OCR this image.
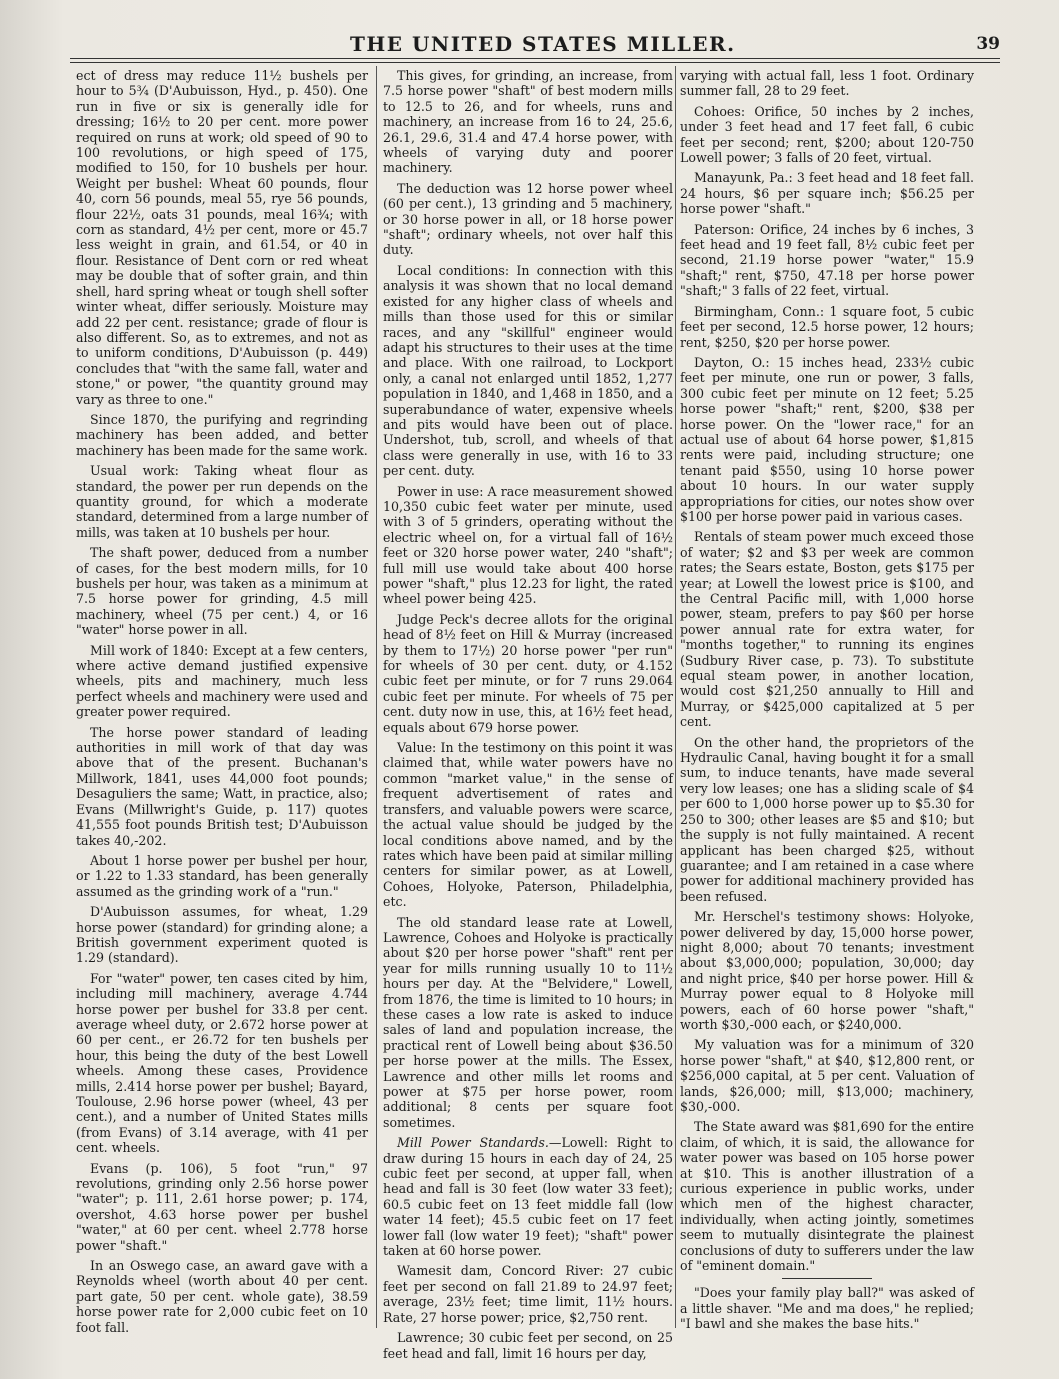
THE UNITED STATES MILLER.	39

ect of dress may reduce 11½ bushels per hour to 5¾ (D'Aubuisson, Hyd., p. 450). One run in five or six is generally idle for dressing; 16½ to 20 per cent. more power required on runs at work; old speed of 90 to 100 revolutions, or high speed of 175, modified to 150, for 10 bushels per hour. Weight per bushel: Wheat 60 pounds, flour 40, corn 56 pounds, meal 55, rye 56 pounds, flour 22½, oats 31 pounds, meal 16¾; with corn as standard, 4½ per cent, more or 45.7 less weight in grain, and 61.54, or 40 in flour. Resistance of Dent corn or red wheat may be double that of softer grain, and thin shell, hard spring wheat or tough shell softer winter wheat, differ seriously. Moisture may add 22 per cent. resistance; grade of flour is also different. So, as to extremes, and not as to uniform conditions, D'Aubuisson (p. 449) concludes that "with the same fall, water and stone," or power, "the quantity ground may vary as three to one."

Since 1870, the purifying and regrinding machinery has been added, and better machinery has been made for the same work.

Usual work: Taking wheat flour as standard, the power per run depends on the quantity ground, for which a moderate standard, determined from a large number of mills, was taken at 10 bushels per hour.

The shaft power, deduced from a number of cases, for the best modern mills, for 10 bushels per hour, was taken as a minimum at 7.5 horse power for grinding, 4.5 mill machinery, wheel (75 per cent.) 4, or 16 "water" horse power in all.

Mill work of 1840: Except at a few centers, where active demand justified expensive wheels, pits and machinery, much less perfect wheels and machinery were used and greater power required.

The horse power standard of leading authorities in mill work of that day was above that of the present. Buchanan's Millwork, 1841, uses 44,000 foot pounds; Desaguliers the same; Watt, in practice, also; Evans (Millwright's Guide, p. 117) quotes 41,555 foot pounds British test; D'Aubuisson takes 40,-202.

About 1 horse power per bushel per hour, or 1.22 to 1.33 standard, has been generally assumed as the grinding work of a "run."

D'Aubuisson assumes, for wheat, 1.29 horse power (standard) for grinding alone; a British government experiment quoted is 1.29 (standard).

For "water" power, ten cases cited by him, including mill machinery, average 4.744 horse power per bushel for 33.8 per cent. average wheel duty, or 2.672 horse power at 60 per cent., er 26.72 for ten bushels per hour, this being the duty of the best Lowell wheels. Among these cases, Providence mills, 2.414 horse power per bushel; Bayard, Toulouse, 2.96 horse power (wheel, 43 per cent.), and a number of United States mills (from Evans) of 3.14 average, with 41 per cent. wheels.

Evans (p. 106), 5 foot "run," 97 revolutions, grinding only 2.56 horse power "water"; p. 111, 2.61 horse power; p. 174, overshot, 4.63 horse power per bushel "water," at 60 per cent. wheel 2.778 horse power "shaft."

In an Oswego case, an award gave with a Reynolds wheel (worth about 40 per cent. part gate, 50 per cent. whole gate), 38.59 horse power rate for 2,000 cubic feet on 10 foot fall.

This gives, for grinding, an increase, from 7.5 horse power "shaft" of best modern mills to 12.5 to 26, and for wheels, runs and machinery, an increase from 16 to 24, 25.6, 26.1, 29.6, 31.4 and 47.4 horse power, with wheels of varying duty and poorer machinery.

The deduction was 12 horse power wheel (60 per cent.), 13 grinding and 5 machinery, or 30 horse power in all, or 18 horse power "shaft"; ordinary wheels, not over half this duty.

Local conditions: In connection with this analysis it was shown that no local demand existed for any higher class of wheels and mills than those used for this or similar races, and any "skillful" engineer would adapt his structures to their uses at the time and place. With one railroad, to Lockport only, a canal not enlarged until 1852, 1,277 population in 1840, and 1,468 in 1850, and a superabundance of water, expensive wheels and pits would have been out of place. Undershot, tub, scroll, and wheels of that class were generally in use, with 16 to 33 per cent. duty.

Power in use: A race measurement showed 10,350 cubic feet water per minute, used with 3 of 5 grinders, operating without the electric wheel on, for a virtual fall of 16½ feet or 320 horse power water, 240 "shaft"; full mill use would take about 400 horse power "shaft," plus 12.23 for light, the rated wheel power being 425.

Judge Peck's decree allots for the original head of 8½ feet on Hill & Murray (increased by them to 17½) 20 horse power "per run" for wheels of 30 per cent. duty, or 4.152 cubic feet per minute, or for 7 runs 29.064 cubic feet per minute. For wheels of 75 per cent. duty now in use, this, at 16½ feet head, equals about 679 horse power.

Value: In the testimony on this point it was claimed that, while water powers have no common "market value," in the sense of frequent advertisement of rates and transfers, and valuable powers were scarce, the actual value should be judged by the local conditions above named, and by the rates which have been paid at similar milling centers for similar power, as at Lowell, Cohoes, Holyoke, Paterson, Philadelphia, etc.

The old standard lease rate at Lowell, Lawrence, Cohoes and Holyoke is practically about $20 per horse power "shaft" rent per year for mills running usually 10 to 11½ hours per day. At the "Belvidere," Lowell, from 1876, the time is limited to 10 hours; in these cases a low rate is asked to induce sales of land and population increase, the practical rent of Lowell being about $36.50 per horse power at the mills. The Essex, Lawrence and other mills let rooms and power at $75 per horse power, room additional; 8 cents per square foot sometimes.

Mill Power Standards.—Lowell: Right to draw during 15 hours in each day of 24, 25 cubic feet per second, at upper fall, when head and fall is 30 feet (low water 33 feet); 60.5 cubic feet on 13 feet middle fall (low water 14 feet); 45.5 cubic feet on 17 feet lower fall (low water 19 feet); "shaft" power taken at 60 horse power.

Wamesit dam, Concord River: 27 cubic feet per second on fall 21.89 to 24.97 feet; average, 23½ feet; time limit, 11½ hours. Rate, 27 horse power; price, $2,750 rent.

Lawrence; 30 cubic feet per second, on 25 feet head and fall, limit 16 hours per day,

varying with actual fall, less 1 foot. Ordinary summer fall, 28 to 29 feet.

Cohoes: Orifice, 50 inches by 2 inches, under 3 feet head and 17 feet fall, 6 cubic feet per second; rent, $200; about 120-750 Lowell power; 3 falls of 20 feet, virtual.

Manayunk, Pa.: 3 feet head and 18 feet fall. 24 hours, $6 per square inch; $56.25 per horse power "shaft."

Paterson: Orifice, 24 inches by 6 inches, 3 feet head and 19 feet fall, 8½ cubic feet per second, 21.19 horse power "water," 15.9 "shaft;" rent, $750, 47.18 per horse power "shaft;" 3 falls of 22 feet, virtual.

Birmingham, Conn.: 1 square foot, 5 cubic feet per second, 12.5 horse power, 12 hours; rent, $250, $20 per horse power.

Dayton, O.: 15 inches head, 233½ cubic feet per minute, one run or power, 3 falls, 300 cubic feet per minute on 12 feet; 5.25 horse power "shaft;" rent, $200, $38 per horse power. On the "lower race," for an actual use of about 64 horse power, $1,815 rents were paid, including structure; one tenant paid $550, using 10 horse power about 10 hours. In our water supply appropriations for cities, our notes show over $100 per horse power paid in various cases.

Rentals of steam power much exceed those of water; $2 and $3 per week are common rates; the Sears estate, Boston, gets $175 per year; at Lowell the lowest price is $100, and the Central Pacific mill, with 1,000 horse power, steam, prefers to pay $60 per horse power annual rate for extra water, for "months together," to running its engines (Sudbury River case, p. 73). To substitute equal steam power, in another location, would cost $21,250 annually to Hill and Murray, or $425,000 capitalized at 5 per cent.

On the other hand, the proprietors of the Hydraulic Canal, having bought it for a small sum, to induce tenants, have made several very low leases; one has a sliding scale of $4 per 600 to 1,000 horse power up to $5.30 for 250 to 300; other leases are $5 and $10; but the supply is not fully maintained. A recent applicant has been charged $25, without guarantee; and I am retained in a case where power for additional machinery provided has been refused.

Mr. Herschel's testimony shows: Holyoke, power delivered by day, 15,000 horse power, night 8,000; about 70 tenants; investment about $3,000,000; population, 30,000; day and night price, $40 per horse power. Hill & Murray power equal to 8 Holyoke mill powers, each of 60 horse power "shaft," worth $30,-000 each, or $240,000.

My valuation was for a minimum of 320 horse power "shaft," at $40, $12,800 rent, or $256,000 capital, at 5 per cent. Valuation of lands, $26,000; mill, $13,000; machinery, $30,-000.

The State award was $81,690 for the entire claim, of which, it is said, the allowance for water power was based on 105 horse power at $10. This is another illustration of a curious experience in public works, under which men of the highest character, individually, when acting jointly, sometimes seem to mutually disintegrate the plainest conclusions of duty to sufferers under the law of "eminent domain."

"Does your family play ball?" was asked of a little shaver. "Me and ma does," he replied; "I bawl and she makes the base hits."
